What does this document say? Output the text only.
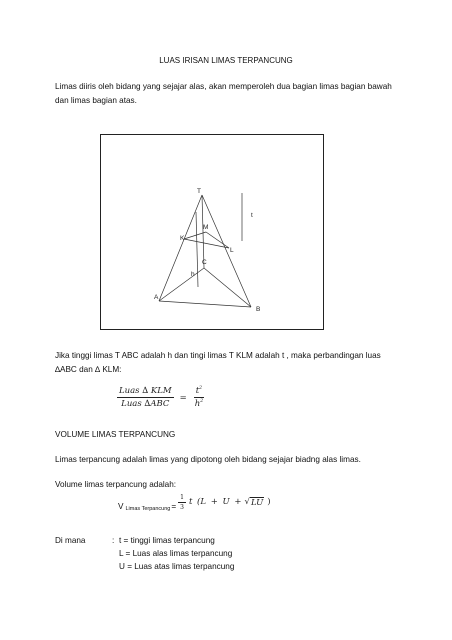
LUAS IRISAN LIMAS TERPANCUNG
Limas diiris oleh bidang yang sejajar alas, akan memperoleh dua bagian limas bagian bawah
dan limas bagian atas.
T
M
K
L
C
h
A
B
t
Jika tinggi limas T ABC adalah h dan tingi limas T KLM adalah t , maka perbandingan luas
∆ABC dan ∆ KLM:
$\frac{\text{Luas ∆ KLM}}{\text{Luas ∆ABC}} = \frac{t^2}{h^2}$
VOLUME LIMAS TERPANCUNG
Limas terpancung adalah limas yang dipotong oleh bidang sejajar biadng alas limas.
Volume limas terpancung adalah:
V Limas Terpancung = $\frac{1}{3}$ t (L + U + √ LU )
Di mana	: t = tinggi limas terpancung
L = Luas alas limas terpancung
U = Luas atas limas terpancung
